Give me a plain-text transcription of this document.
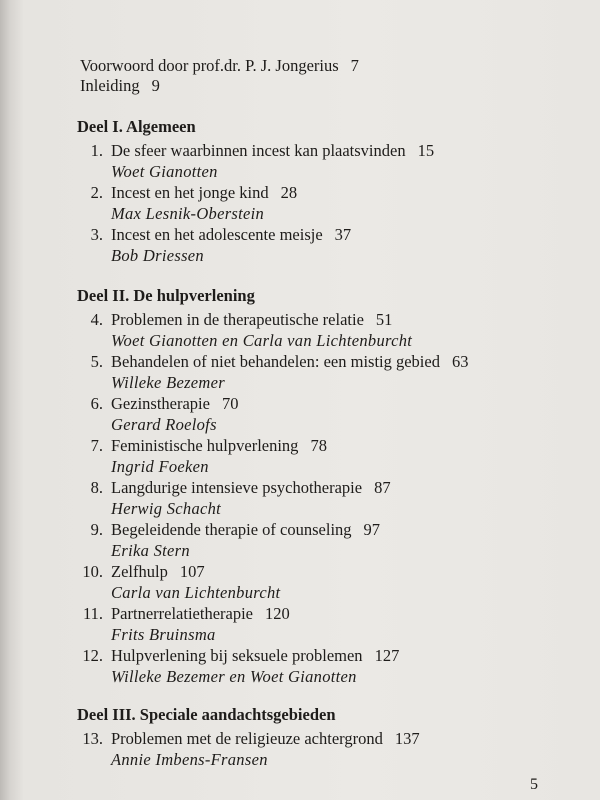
Voorwoord door prof.dr. P. J. Jongerius 7
Inleiding 9
Deel I. Algemeen
1. De sfeer waarbinnen incest kan plaatsvinden 15
Woet Gianotten
2. Incest en het jonge kind 28
Max Lesnik-Oberstein
3. Incest en het adolescente meisje 37
Bob Driessen
Deel II. De hulpverlening
4. Problemen in de therapeutische relatie 51
Woet Gianotten en Carla van Lichtenburcht
5. Behandelen of niet behandelen: een mistig gebied 63
Willeke Bezemer
6. Gezinstherapie 70
Gerard Roelofs
7. Feministische hulpverlening 78
Ingrid Foeken
8. Langdurige intensieve psychotherapie 87
Herwig Schacht
9. Begeleidende therapie of counseling 97
Erika Stern
10. Zelfhulp 107
Carla van Lichtenburcht
11. Partnerrelatietherapie 120
Frits Bruinsma
12. Hulpverlening bij seksuele problemen 127
Willeke Bezemer en Woet Gianotten
Deel III. Speciale aandachtsgebieden
13. Problemen met de religieuze achtergrond 137
Annie Imbens-Fransen
5
